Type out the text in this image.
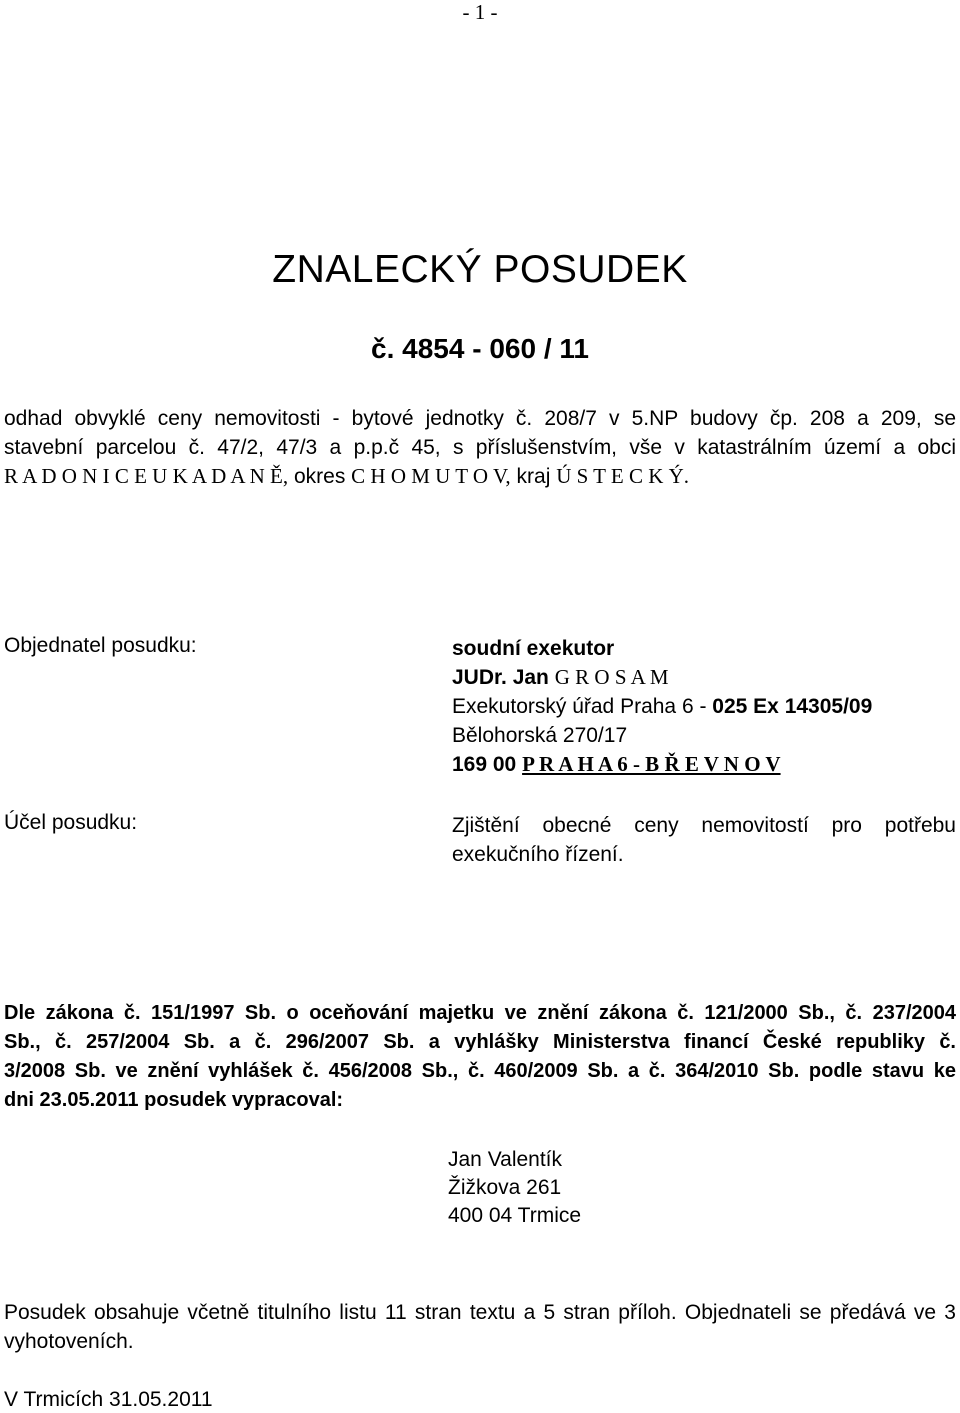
- 1 -
ZNALECKÝ POSUDEK
č. 4854 - 060 / 11
odhad obvyklé ceny nemovitosti - bytové jednotky č. 208/7 v 5.NP budovy čp. 208 a 209, se
stavební parcelou č. 47/2, 47/3 a p.p.č 45, s příslušenstvím, vše v katastrálním území a obci
R A D O N I C E U K A D A N Ě, okres C H O M U T O V, kraj Ú S T E C K Ý.
Objednatel posudku:	soudní exekutor
JUDr. Jan G R O S A M
Exekutorský úřad Praha 6 - 025 Ex 14305/09
Bělohorská 270/17
169 00 P R A H A 6 - B Ř E V N O V
Účel posudku:	Zjištění obecné ceny nemovitostí pro potřebu
exekučního řízení.
Dle zákona č. 151/1997 Sb. o oceňování majetku ve znění zákona č. 121/2000 Sb., č. 237/2004
Sb., č. 257/2004 Sb. a č. 296/2007 Sb. a vyhlášky Ministerstva financí České republiky č.
3/2008 Sb. ve znění vyhlášek č. 456/2008 Sb., č. 460/2009 Sb. a č. 364/2010 Sb. podle stavu ke
dni 23.05.2011 posudek vypracoval:
Jan Valentík
Žižkova 261
400 04 Trmice
Posudek obsahuje včetně titulního listu 11 stran textu a 5 stran příloh. Objednateli se předává ve 3
vyhotoveních.
V Trmicích 31.05.2011
